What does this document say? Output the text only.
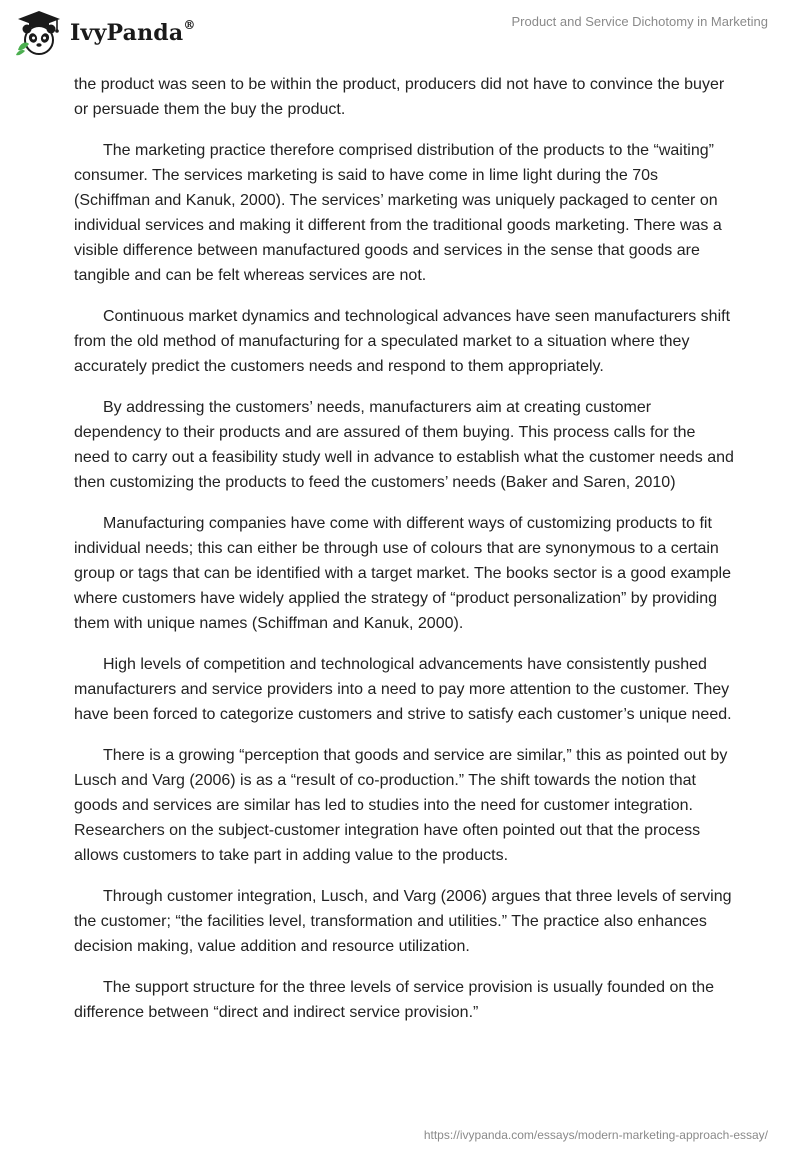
IvyPanda®	Product and Service Dichotomy in Marketing

the product was seen to be within the product, producers did not have to convince the buyer or persuade them the buy the product.

The marketing practice therefore comprised distribution of the products to the “waiting” consumer. The services marketing is said to have come in lime light during the 70s (Schiffman and Kanuk, 2000). The services’ marketing was uniquely packaged to center on individual services and making it different from the traditional goods marketing. There was a visible difference between manufactured goods and services in the sense that goods are tangible and can be felt whereas services are not.

Continuous market dynamics and technological advances have seen manufacturers shift from the old method of manufacturing for a speculated market to a situation where they accurately predict the customers needs and respond to them appropriately.

By addressing the customers’ needs, manufacturers aim at creating customer dependency to their products and are assured of them buying. This process calls for the need to carry out a feasibility study well in advance to establish what the customer needs and then customizing the products to feed the customers’ needs (Baker and Saren, 2010)

Manufacturing companies have come with different ways of customizing products to fit individual needs; this can either be through use of colours that are synonymous to a certain group or tags that can be identified with a target market. The books sector is a good example where customers have widely applied the strategy of “product personalization” by providing them with unique names (Schiffman and Kanuk, 2000).

High levels of competition and technological advancements have consistently pushed manufacturers and service providers into a need to pay more attention to the customer. They have been forced to categorize customers and strive to satisfy each customer’s unique need.

There is a growing “perception that goods and service are similar,” this as pointed out by Lusch and Varg (2006) is as a “result of co-production.” The shift towards the notion that goods and services are similar has led to studies into the need for customer integration. Researchers on the subject-customer integration have often pointed out that the process allows customers to take part in adding value to the products.

Through customer integration, Lusch, and Varg (2006) argues that three levels of serving the customer; “the facilities level, transformation and utilities.” The practice also enhances decision making, value addition and resource utilization.

The support structure for the three levels of service provision is usually founded on the difference between “direct and indirect service provision.”

https://ivypanda.com/essays/modern-marketing-approach-essay/
